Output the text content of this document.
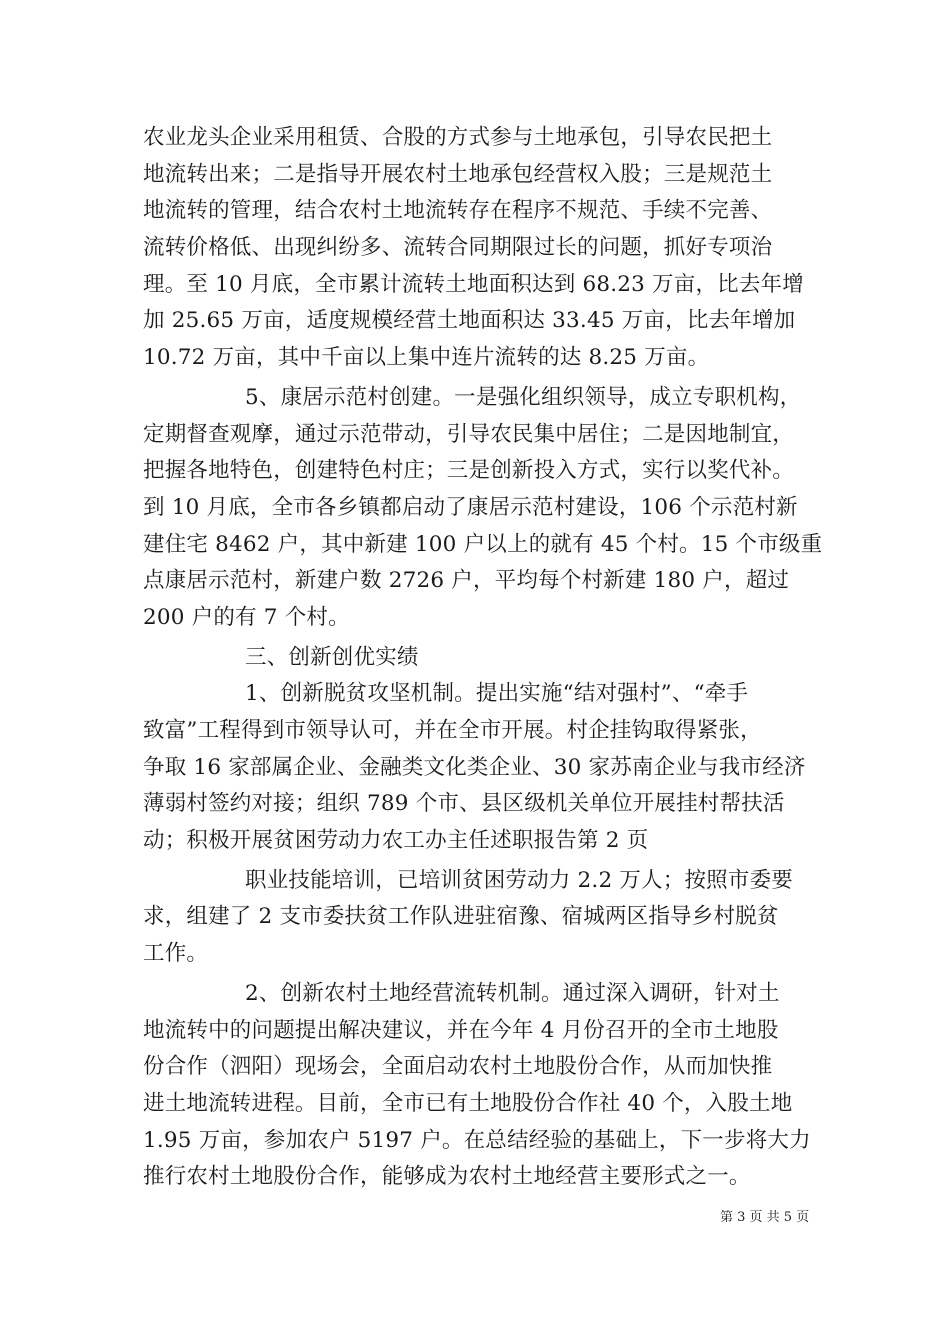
农业龙头企业采用租赁、合股的方式参与土地承包，引导农民把土
地流转出来；二是指导开展农村土地承包经营权入股；三是规范土
地流转的管理，结合农村土地流转存在程序不规范、手续不完善、
流转价格低、出现纠纷多、流转合同期限过长的问题，抓好专项治
理。至 10 月底，全市累计流转土地面积达到 68.23 万亩，比去年增
加 25.65 万亩，适度规模经营土地面积达 33.45 万亩，比去年增加
10.72 万亩，其中千亩以上集中连片流转的达 8.25 万亩。
5、康居示范村创建。一是强化组织领导，成立专职机构，
定期督查观摩，通过示范带动，引导农民集中居住；二是因地制宜，
把握各地特色，创建特色村庄；三是创新投入方式，实行以奖代补。
到 10 月底，全市各乡镇都启动了康居示范村建设，106 个示范村新
建住宅 8462 户，其中新建 100 户以上的就有 45 个村。15 个市级重
点康居示范村，新建户数 2726 户，平均每个村新建 180 户，超过
200 户的有 7 个村。
三、创新创优实绩
1、创新脱贫攻坚机制。提出实施“结对强村”、“牵手
致富”工程得到市领导认可，并在全市开展。村企挂钩取得紧张，
争取 16 家部属企业、金融类文化类企业、30 家苏南企业与我市经济
薄弱村签约对接；组织 789 个市、县区级机关单位开展挂村帮扶活
动；积极开展贫困劳动力农工办主任述职报告第 2 页
职业技能培训，已培训贫困劳动力 2.2 万人；按照市委要
求，组建了 2 支市委扶贫工作队进驻宿豫、宿城两区指导乡村脱贫
工作。
2、创新农村土地经营流转机制。通过深入调研，针对土
地流转中的问题提出解决建议，并在今年 4 月份召开的全市土地股
份合作（泗阳）现场会，全面启动农村土地股份合作，从而加快推
进土地流转进程。目前，全市已有土地股份合作社 40 个，入股土地
1.95 万亩，参加农户 5197 户。在总结经验的基础上，下一步将大力
推行农村土地股份合作，能够成为农村土地经营主要形式之一。
第 3 页 共 5 页
